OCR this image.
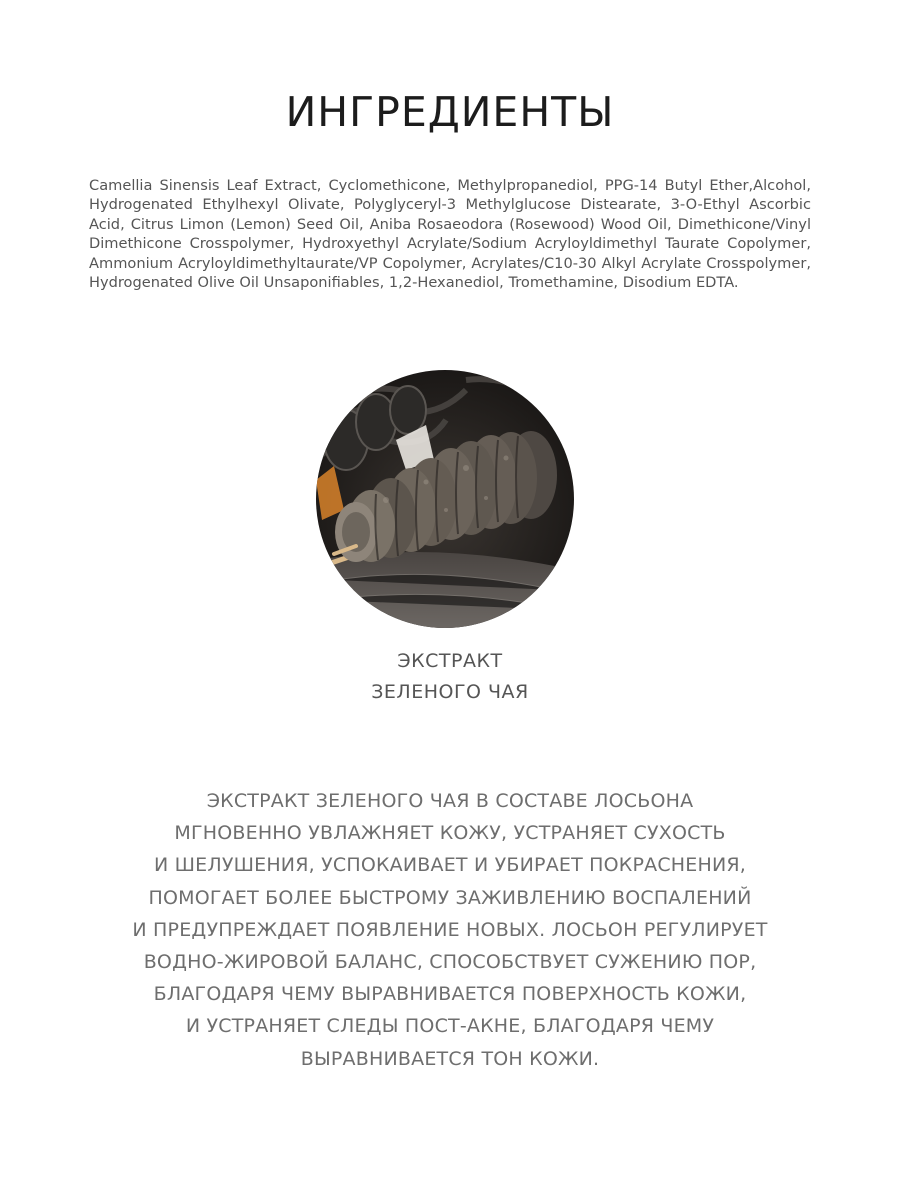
ИНГРЕДИЕНТЫ

Camellia Sinensis Leaf Extract, Cyclomethicone, Methylpropanediol, PPG-14 Butyl Ether,Alcohol, Hydrogenated Ethylhexyl Olivate, Polyglyceryl-3 Methylglucose Distearate, 3-O-Ethyl Ascorbic Acid, Citrus Limon (Lemon) Seed Oil, Aniba Rosaeodora (Rosewood) Wood Oil, Dimethicone/Vinyl Dimethicone Crosspolymer, Hydroxyethyl Acrylate/Sodium Acryloyldimethyl Taurate Copolymer, Ammonium Acryloyldimethyltaurate/VP Copolymer, Acrylates/C10-30 Alkyl Acrylate Crosspolymer, Hydrogenated Olive Oil Unsaponifiables, 1,2-Hexanediol, Tromethamine, Disodium EDTA.

ЭКСТРАКТ
ЗЕЛЕНОГО ЧАЯ
ЭКСТРАКТ ЗЕЛЕНОГО ЧАЯ В СОСТАВЕ ЛОСЬОНА
МГНОВЕННО УВЛАЖНЯЕТ КОЖУ, УСТРАНЯЕТ СУХОСТЬ
И ШЕЛУШЕНИЯ, УСПОКАИВАЕТ И УБИРАЕТ ПОКРАСНЕНИЯ,
ПОМОГАЕТ БОЛЕЕ БЫСТРОМУ ЗАЖИВЛЕНИЮ ВОСПАЛЕНИЙ
И ПРЕДУПРЕЖДАЕТ ПОЯВЛЕНИЕ НОВЫХ. ЛОСЬОН РЕГУЛИРУЕТ
ВОДНО-ЖИРОВОЙ БАЛАНС, СПОСОБСТВУЕТ СУЖЕНИЮ ПОР,
БЛАГОДАРЯ ЧЕМУ ВЫРАВНИВАЕТСЯ ПОВЕРХНОСТЬ КОЖИ,
И УСТРАНЯЕТ СЛЕДЫ ПОСТ-АКНЕ, БЛАГОДАРЯ ЧЕМУ
ВЫРАВНИВАЕТСЯ ТОН КОЖИ.
